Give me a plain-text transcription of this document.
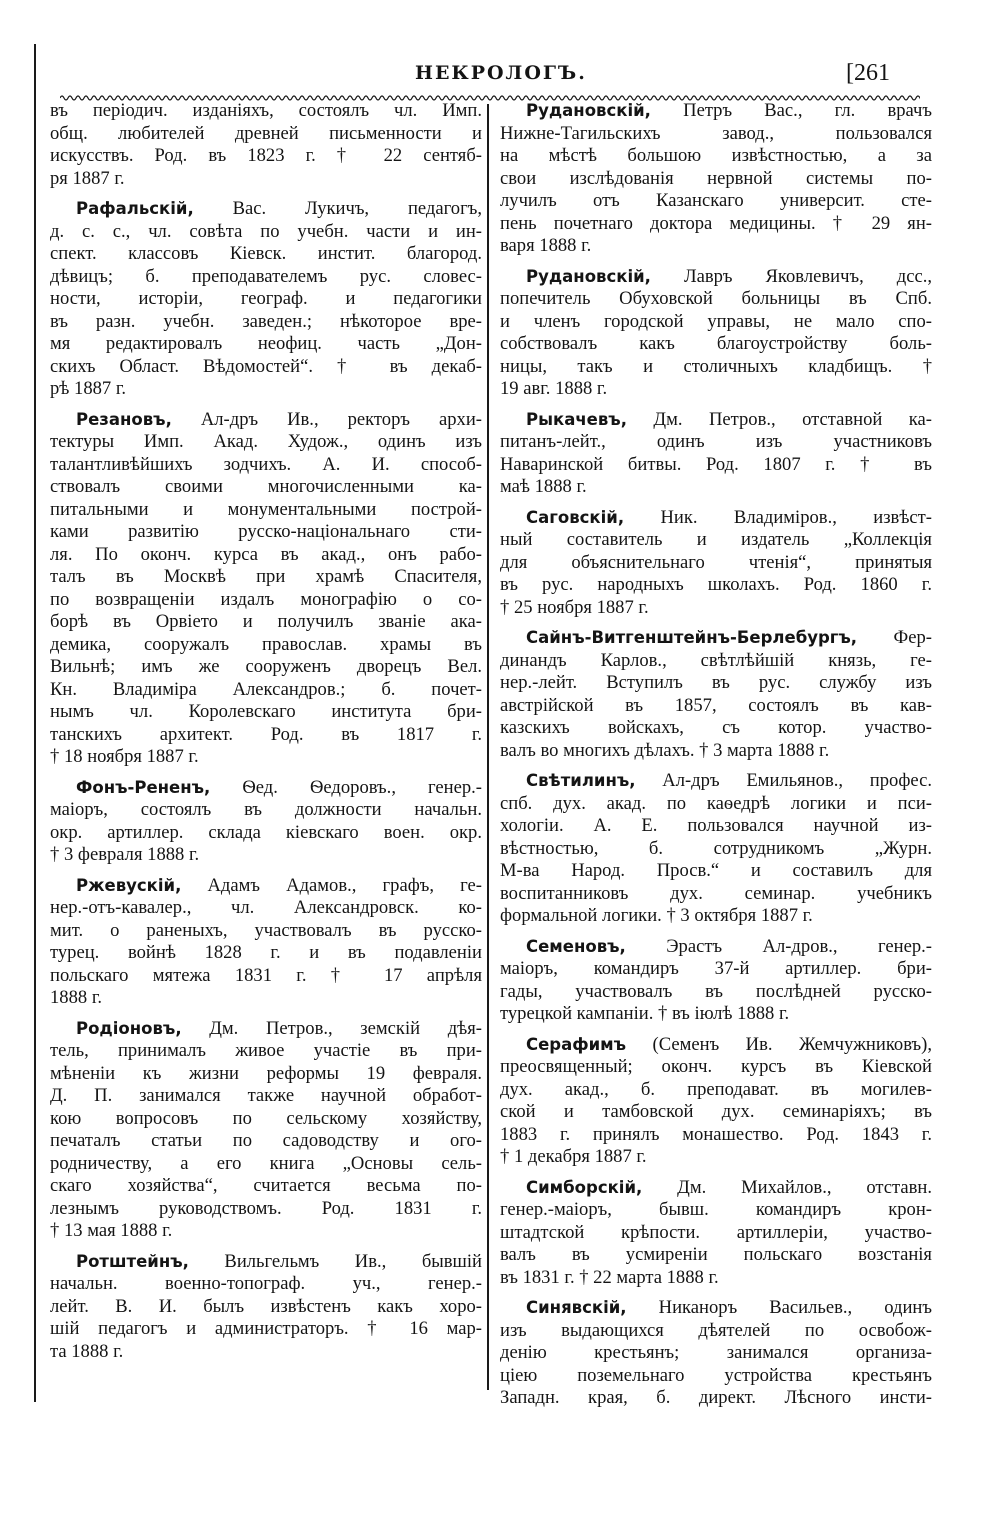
НЕКРОЛОГЪ.	[261
въ періодич. изданіяхъ, состоялъ чл. Имп.
общ. любителей древней письменности и
искусствъ. Род. въ 1823 г. † 22 сентяб-
ря 1887 г.
Рафальскій, Вас. Лукичъ, педагогъ,
д. с. с., чл. совѣта по учебн. части и ин-
спект. классовъ Кіевск. инстит. благород.
дѣвицъ; б. преподавателемъ рус. словес-
ности, исторіи, географ. и педагогики
въ разн. учебн. заведен.; нѣкоторое вре-
мя редактировалъ неофиц. часть „Дон-
скихъ Област. Вѣдомостей“. † въ декаб-
рѣ 1887 г.
Резановъ, Ал-дръ Ив., ректоръ архи-
тектуры Имп. Акад. Худож., одинъ изъ
талантливѣйшихъ зодчихъ. А. И. способ-
ствовалъ своими многочисленными ка-
питальными и монументальными построй-
ками развитію русско-національнаго сти-
ля. По оконч. курса въ акад., онъ рабо-
талъ въ Москвѣ при храмѣ Спасителя,
по возвращеніи издалъ монографію о со-
борѣ въ Орвіето и получилъ званіе ака-
демика, сооружалъ православ. храмы въ
Вильнѣ; имъ же сооруженъ дворецъ Вел.
Кн. Владиміра Александров.; б. почет-
нымъ чл. Королевскаго института бри-
танскихъ архитект. Род. въ 1817 г.
† 18 ноября 1887 г.
Фонъ-Рененъ, Ѳед. Ѳедоровъ., генер.-
маіоръ, состоялъ въ должности начальн.
окр. артиллер. склада кіевскаго воен. окр.
† 3 февраля 1888 г.
Ржевускій, Адамъ Адамов., графъ, ге-
нер.-отъ-кавалер., чл. Александровск. ко-
мит. о раненыхъ, участвовалъ въ русско-
турец. войнѣ 1828 г. и въ подавленіи
польскаго мятежа 1831 г. † 17 апрѣля
1888 г.
Родіоновъ, Дм. Петров., земскій дѣя-
тель, принималъ живое участіе въ при-
мѣненіи къ жизни реформы 19 февраля.
Д. П. занимался также научной обработ-
кою вопросовъ по сельскому хозяйству,
печаталъ статьи по садоводству и ого-
родничеству, а его книга „Основы сель-
скаго хозяйства“, считается весьма по-
лезнымъ руководствомъ. Род. 1831 г.
† 13 мая 1888 г.
Ротштейнъ, Вильгельмъ Ив., бывшій
начальн. военно-топограф. уч., генер.-
лейт. В. И. былъ извѣстенъ какъ хоро-
шій педагогъ и администраторъ. † 16 мар-
та 1888 г.
Рудановскій, Петръ Вас., гл. врачъ
Нижне-Тагильскихъ завод., пользовался
на мѣстѣ большою извѣстностью, а за
свои изслѣдованія нервной системы по-
лучилъ отъ Казанскаго университ. сте-
пень почетнаго доктора медицины. † 29 ян-
варя 1888 г.
Рудановскій, Лавръ Яковлевичъ, дсс.,
попечитель Обуховской больницы въ Спб.
и членъ городской управы, не мало спо-
собствовалъ какъ благоустройству боль-
ницы, такъ и столичныхъ кладбищъ. †
19 авг. 1888 г.
Рыкачевъ, Дм. Петров., отставной ка-
питанъ-лейт., одинъ изъ участниковъ
Наваринской битвы. Род. 1807 г. † въ
маѣ 1888 г.
Саговскій, Ник. Владиміров., извѣст-
ный составитель и издатель „Коллекція
для объяснительнаго чтенія“, принятыя
въ рус. народныхъ школахъ. Род. 1860 г.
† 25 ноября 1887 г.
Сайнъ-Витгенштейнъ-Берлебургъ, Фер-
динандъ Карлов., свѣтлѣйшій князь, ге-
нер.-лейт. Вступилъ въ рус. службу изъ
австрійской въ 1857, состоялъ въ кав-
казскихъ войскахъ, съ котор. участво-
валъ во многихъ дѣлахъ. † 3 марта 1888 г.
Свѣтилинъ, Ал-дръ Емильянов., профес.
спб. дух. акад. по каѳедрѣ логики и пси-
хологіи. А. Е. пользовался научной из-
вѣстностью, б. сотрудникомъ „Журн.
М-ва Народ. Просв.“ и составилъ для
воспитанниковъ дух. семинар. учебникъ
формальной логики. † 3 октября 1887 г.
Семеновъ, Эрастъ Ал-дров., генер.-
маіоръ, командиръ 37-й артиллер. бри-
гады, участвовалъ въ послѣдней русско-
турецкой кампаніи. † въ іюлѣ 1888 г.
Серафимъ (Семенъ Ив. Жемчужниковъ),
преосвященный; оконч. курсъ въ Кіевской
дух. акад., б. преподават. въ могилев-
ской и тамбовской дух. семинаріяхъ; въ
1883 г. принялъ монашество. Род. 1843 г.
† 1 декабря 1887 г.
Симборскій, Дм. Михайлов., отставн.
генер.-маіоръ, бывш. командиръ крон-
штадтской крѣпости. артиллеріи, участво-
валъ въ усмиреніи польскаго возстанія
въ 1831 г. † 22 марта 1888 г.
Синявскій, Никаноръ Васильев., одинъ
изъ выдающихся дѣятелей по освобож-
денію крестьянъ; занимался организа-
ціею поземельнаго устройства крестьянъ
Западн. края, б. директ. Лѣсного инсти-
